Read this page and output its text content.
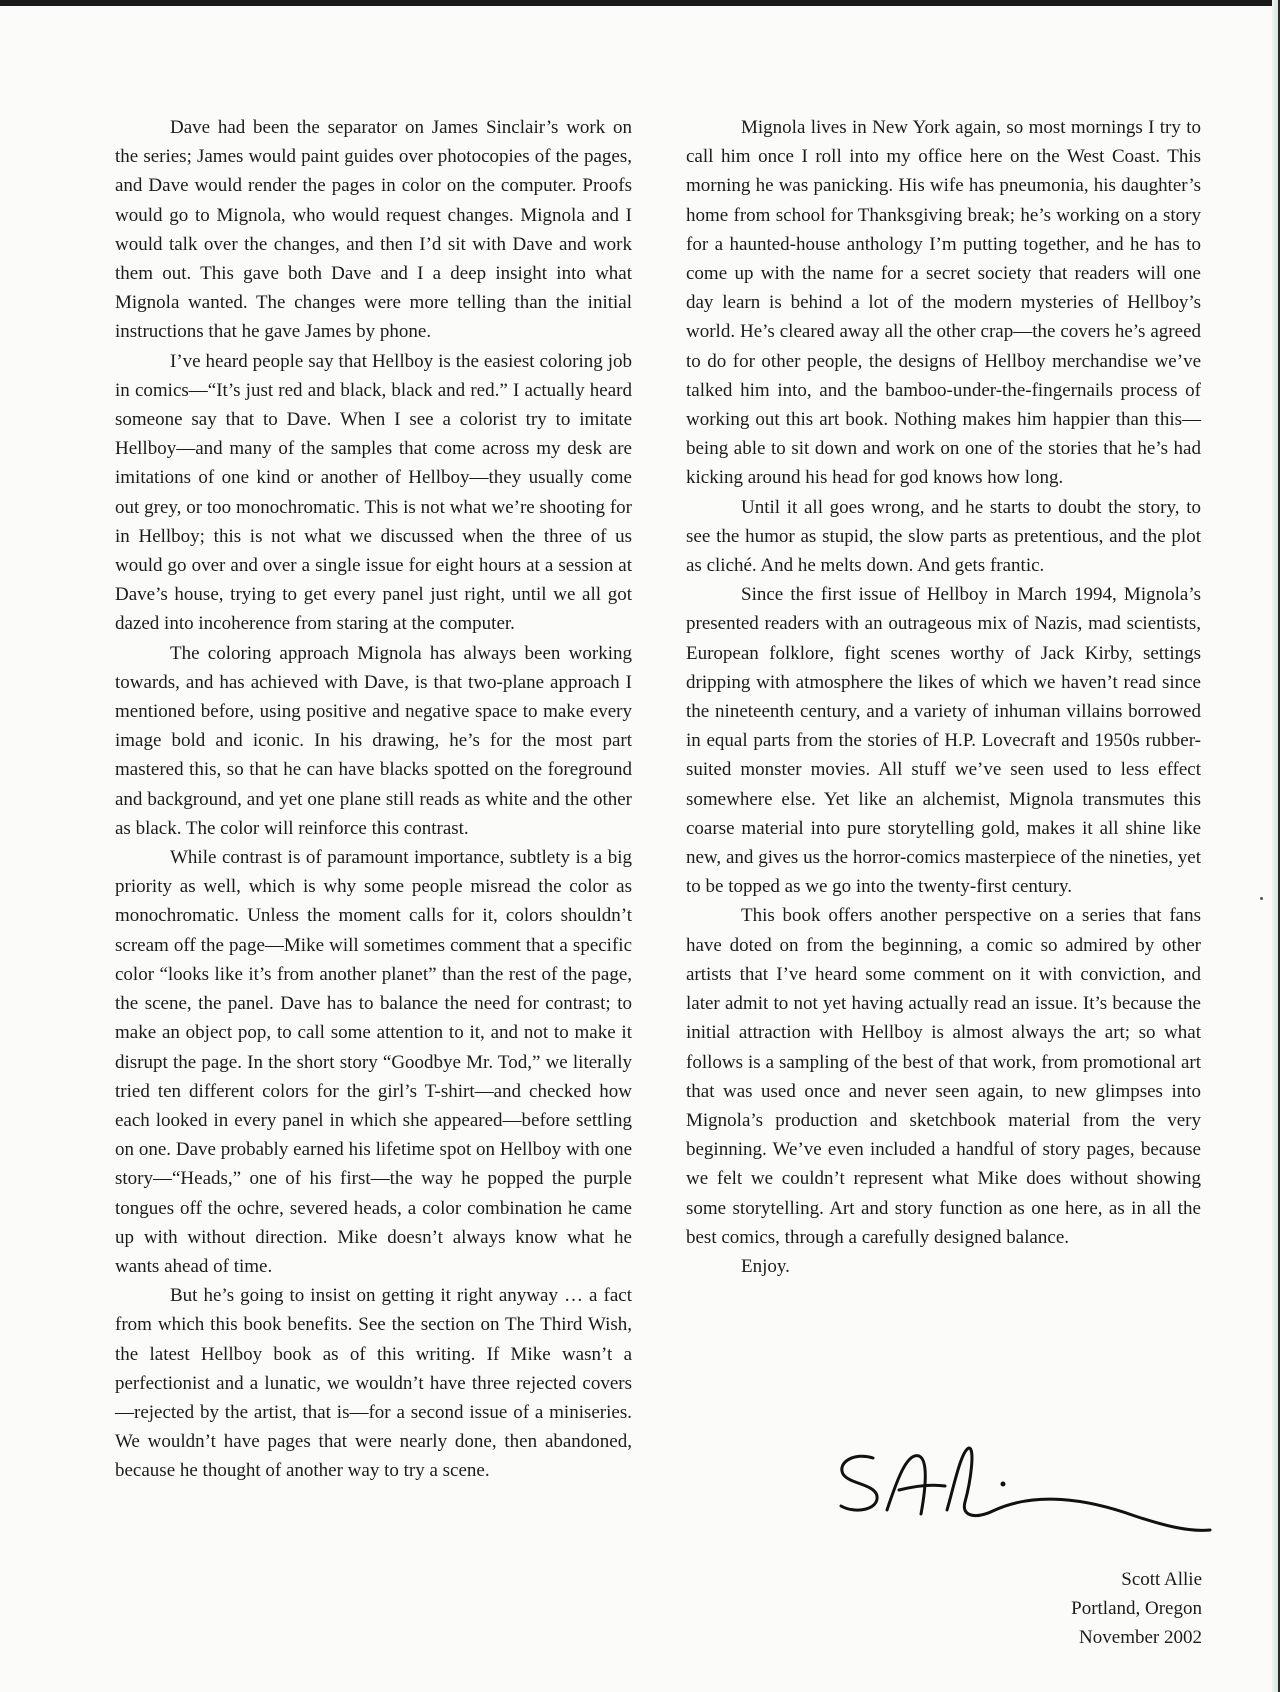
Dave had been the separator on James Sinclair’s work on the series; James would paint guides over photocopies of the pages, and Dave would render the pages in color on the computer. Proofs would go to Mignola, who would request changes. Mignola and I would talk over the changes, and then I’d sit with Dave and work them out. This gave both Dave and I a deep insight into what Mignola wanted. The changes were more telling than the initial instructions that he gave James by phone.

I’ve heard people say that Hellboy is the easiest coloring job in comics—“It’s just red and black, black and red.” I actually heard someone say that to Dave. When I see a colorist try to imitate Hellboy—and many of the samples that come across my desk are imitations of one kind or another of Hellboy—they usually come out grey, or too monochromatic. This is not what we’re shooting for in Hellboy; this is not what we discussed when the three of us would go over and over a single issue for eight hours at a session at Dave’s house, trying to get every panel just right, until we all got dazed into incoherence from staring at the computer.

The coloring approach Mignola has always been working towards, and has achieved with Dave, is that two-plane approach I mentioned before, using positive and negative space to make every image bold and iconic. In his drawing, he’s for the most part mastered this, so that he can have blacks spotted on the foreground and background, and yet one plane still reads as white and the other as black. The color will reinforce this contrast.

While contrast is of paramount importance, subtlety is a big priority as well, which is why some people misread the color as monochromatic. Unless the moment calls for it, colors shouldn’t scream off the page—Mike will sometimes comment that a specific color “looks like it’s from another planet” than the rest of the page, the scene, the panel. Dave has to balance the need for contrast; to make an object pop, to call some attention to it, and not to make it disrupt the page. In the short story “Goodbye Mr. Tod,” we literally tried ten different colors for the girl’s T-shirt—and checked how each looked in every panel in which she appeared—before settling on one. Dave probably earned his lifetime spot on Hellboy with one story—“Heads,” one of his first—the way he popped the purple tongues off the ochre, severed heads, a color combination he came up with without direction. Mike doesn’t always know what he wants ahead of time.

But he’s going to insist on getting it right anyway … a fact from which this book benefits. See the section on The Third Wish, the latest Hellboy book as of this writing. If Mike wasn’t a perfectionist and a lunatic, we wouldn’t have three rejected covers—rejected by the artist, that is—for a second issue of a miniseries. We wouldn’t have pages that were nearly done, then abandoned, because he thought of another way to try a scene.

Mignola lives in New York again, so most mornings I try to call him once I roll into my office here on the West Coast. This morning he was panicking. His wife has pneumonia, his daughter’s home from school for Thanksgiving break; he’s working on a story for a haunted-house anthology I’m putting together, and he has to come up with the name for a secret society that readers will one day learn is behind a lot of the modern mysteries of Hellboy’s world. He’s cleared away all the other crap—the covers he’s agreed to do for other people, the designs of Hellboy merchandise we’ve talked him into, and the bamboo-under-the-fingernails process of working out this art book. Nothing makes him happier than this—being able to sit down and work on one of the stories that he’s had kicking around his head for god knows how long.

Until it all goes wrong, and he starts to doubt the story, to see the humor as stupid, the slow parts as pretentious, and the plot as cliché. And he melts down. And gets frantic.

Since the first issue of Hellboy in March 1994, Mignola’s presented readers with an outrageous mix of Nazis, mad scientists, European folklore, fight scenes worthy of Jack Kirby, settings dripping with atmosphere the likes of which we haven’t read since the nineteenth century, and a variety of inhuman villains borrowed in equal parts from the stories of H.P. Lovecraft and 1950s rubber-suited monster movies. All stuff we’ve seen used to less effect somewhere else. Yet like an alchemist, Mignola transmutes this coarse material into pure storytelling gold, makes it all shine like new, and gives us the horror-comics masterpiece of the nineties, yet to be topped as we go into the twenty-first century.

This book offers another perspective on a series that fans have doted on from the beginning, a comic so admired by other artists that I’ve heard some comment on it with conviction, and later admit to not yet having actually read an issue. It’s because the initial attraction with Hellboy is almost always the art; so what follows is a sampling of the best of that work, from promotional art that was used once and never seen again, to new glimpses into Mignola’s production and sketchbook material from the very beginning. We’ve even included a handful of story pages, because we felt we couldn’t represent what Mike does without showing some storytelling. Art and story function as one here, as in all the best comics, through a carefully designed balance.

Enjoy.

Scott Allie
Portland, Oregon
November 2002
